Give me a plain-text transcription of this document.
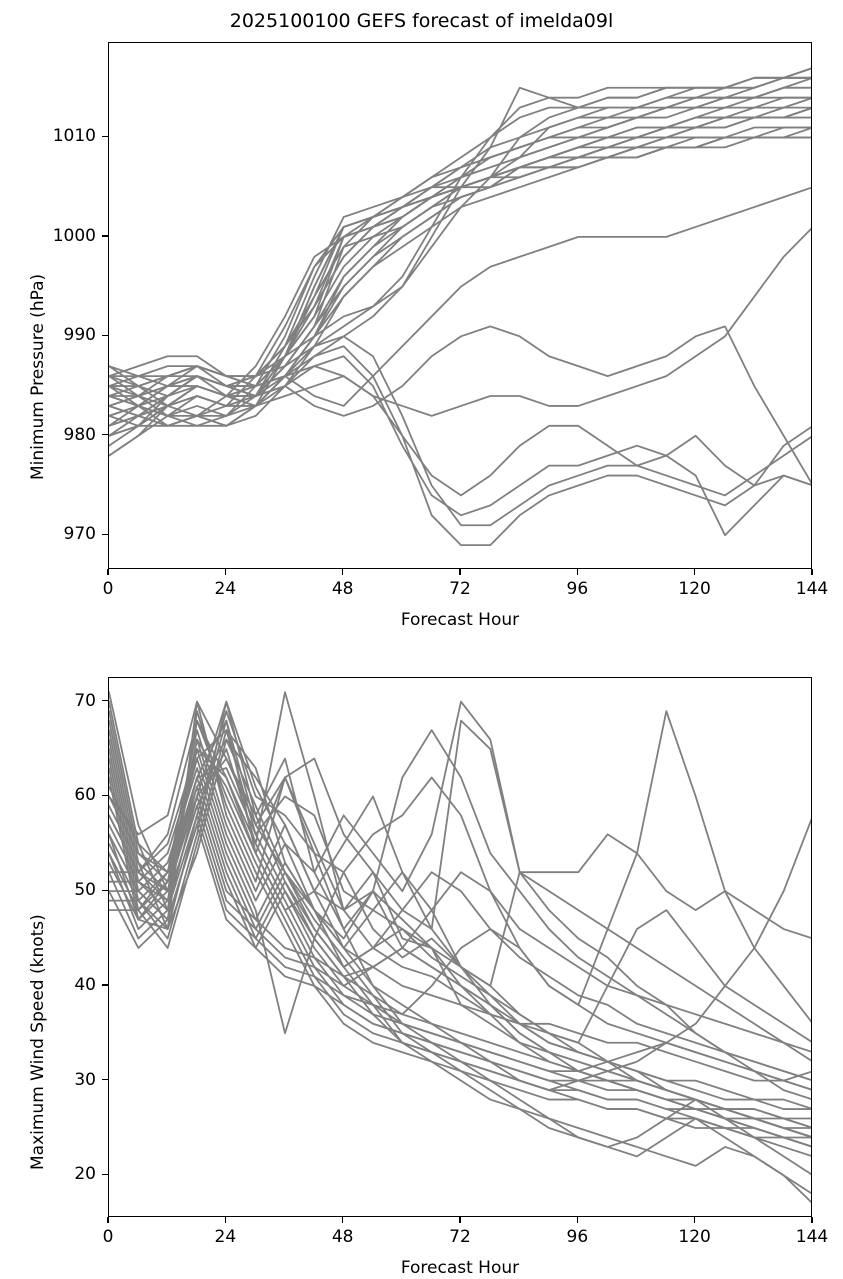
2025100100 GEFS forecast of imelda09l
Forecast Hour
Minimum Pressure (hPa)
0	24	48	72	96	120	144
970
980
990
1000
1010
Forecast Hour
Maximum Wind Speed (knots)
0	24	48	72	96	120	144
20
30
40
50
60
70
